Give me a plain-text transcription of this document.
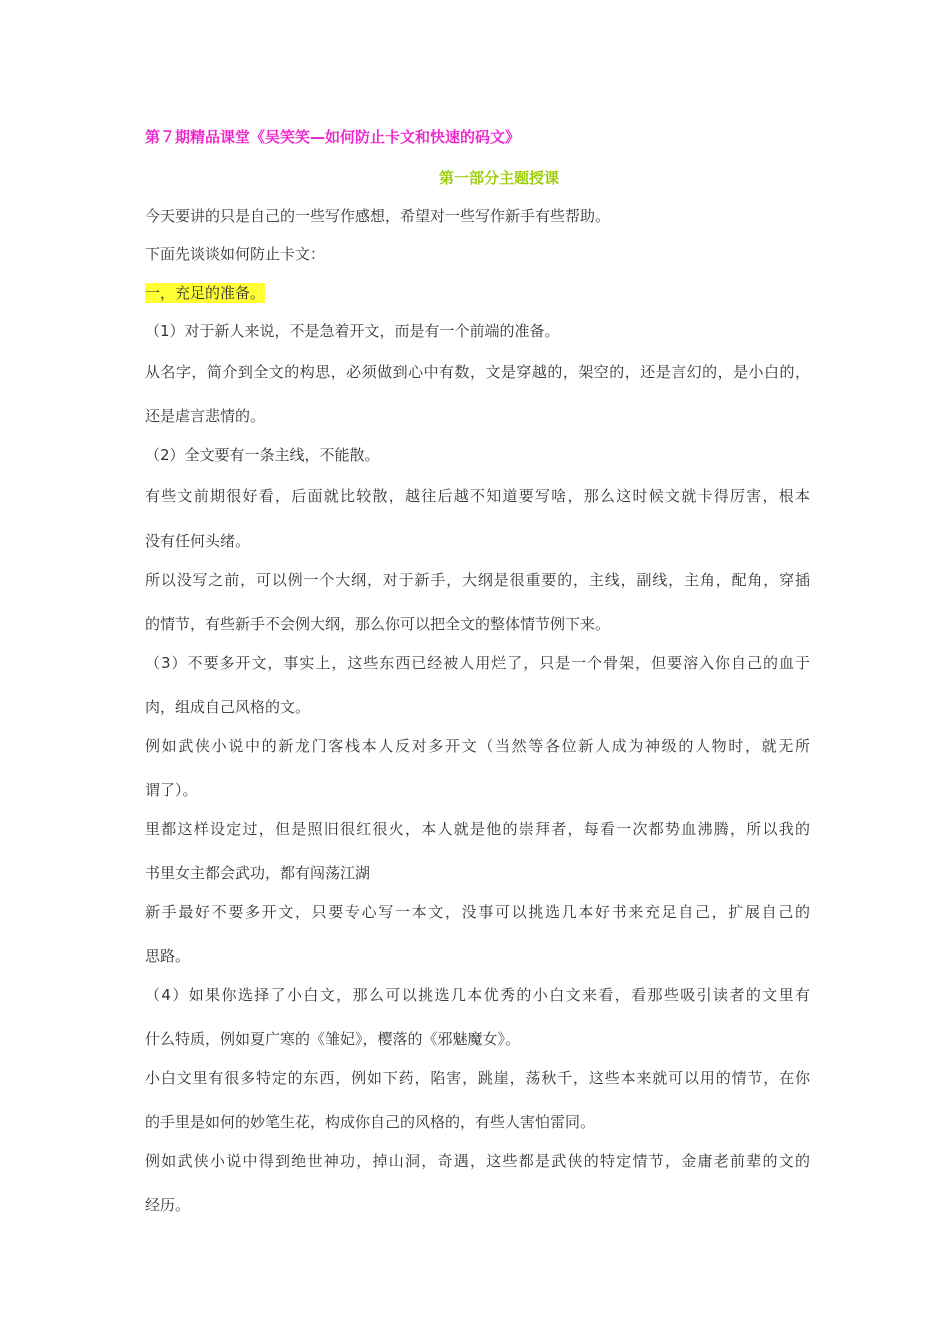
第７期精品课堂《吴笑笑—如何防止卡文和快速的码文》
第一部分主题授课
今天要讲的只是自己的一些写作感想，希望对一些写作新手有些帮助。
下面先谈谈如何防止卡文：
一，充足的准备。
（1）对于新人来说，不是急着开文，而是有一个前端的准备。
从名字，简介到全文的构思，必须做到心中有数，文是穿越的，架空的，还是言幻的，是小白的，
还是虐言悲情的。
（2）全文要有一条主线，不能散。
有些文前期很好看，后面就比较散，越往后越不知道要写啥，那么这时候文就卡得厉害，根本
没有任何头绪。
所以没写之前，可以例一个大纲，对于新手，大纲是很重要的，主线，副线，主角，配角，穿插
的情节，有些新手不会例大纲，那么你可以把全文的整体情节例下来。
（3）不要多开文，事实上，这些东西已经被人用烂了，只是一个骨架，但要溶入你自己的血于
肉，组成自己风格的文。
例如武侠小说中的新龙门客栈本人反对多开文（当然等各位新人成为神级的人物时，就无所
谓了）。
里都这样设定过，但是照旧很红很火，本人就是他的崇拜者，每看一次都势血沸腾，所以我的
书里女主都会武功，都有闯荡江湖
新手最好不要多开文，只要专心写一本文，没事可以挑选几本好书来充足自己，扩展自己的
思路。
（4）如果你选择了小白文，那么可以挑选几本优秀的小白文来看，看那些吸引读者的文里有
什么特质，例如夏广寒的《雏妃》，樱落的《邪魅魔女》。
小白文里有很多特定的东西，例如下药，陷害，跳崖，荡秋千，这些本来就可以用的情节，在你
的手里是如何的妙笔生花，构成你自己的风格的，有些人害怕雷同。
例如武侠小说中得到绝世神功，掉山洞，奇遇，这些都是武侠的特定情节，金庸老前辈的文的
经历。
